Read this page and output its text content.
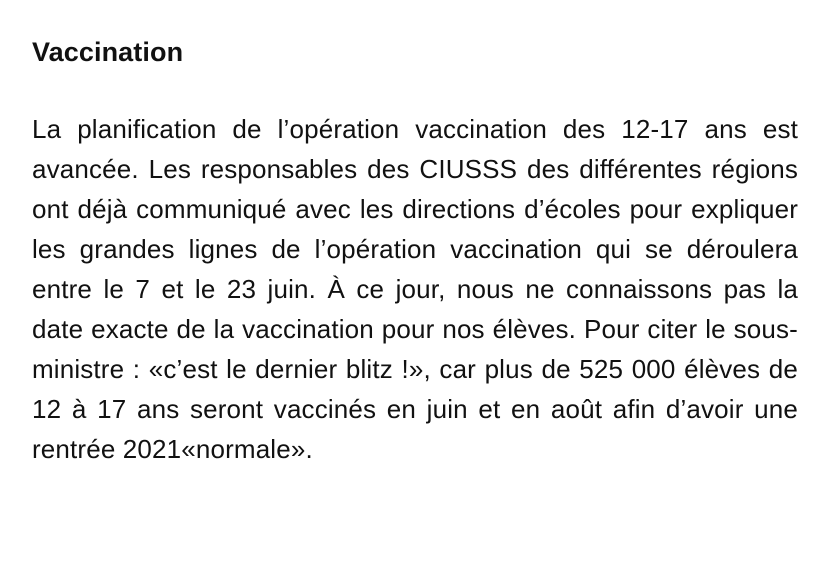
Vaccination

La planification de l’opération vaccination des 12-17 ans est avancée. Les responsables des CIUSSS des différentes régions ont déjà communiqué avec les directions d’écoles pour expliquer les grandes lignes de l’opération vaccination qui se déroulera entre le 7 et le 23 juin. À ce jour, nous ne connaissons pas la date exacte de la vaccination pour nos élèves. Pour citer le sous-ministre : «c’est le dernier blitz !», car plus de 525 000 élèves de 12 à 17 ans seront vaccinés en juin et en août afin d’avoir une rentrée 2021«normale».
